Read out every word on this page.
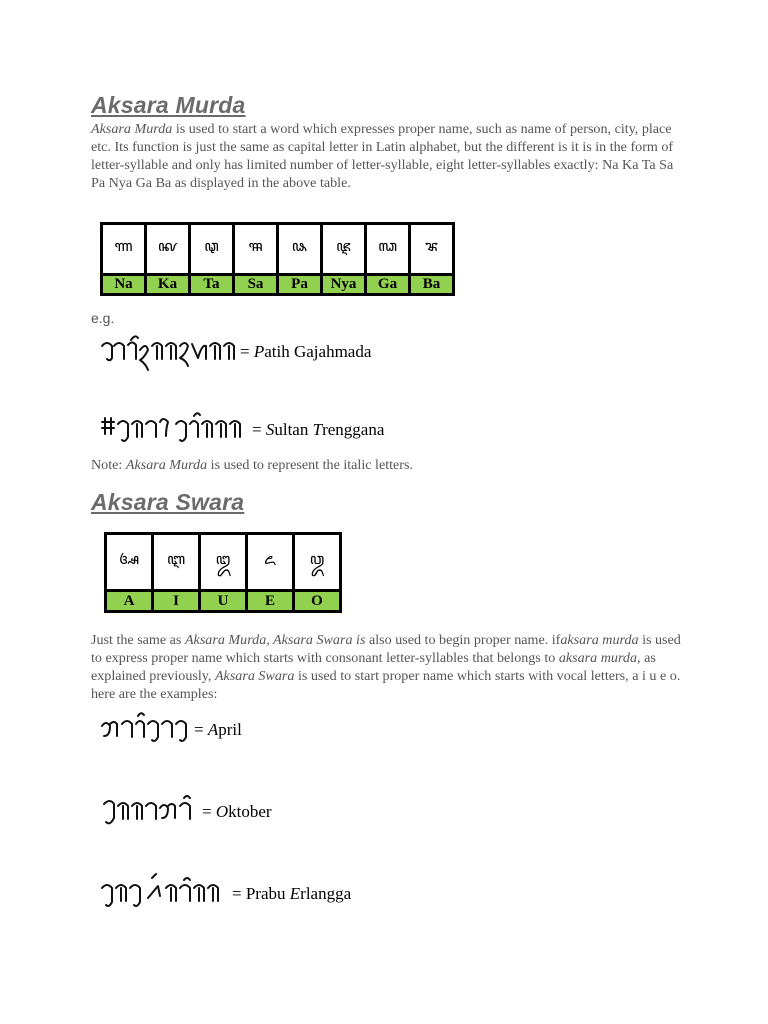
Aksara Murda

Aksara Murda is used to start a word which expresses proper name, such as name of person, city, place etc. Its function is just the same as capital letter in Latin alphabet, but the different is it is in the form of letter-syllable and only has limited number of letter-syllable, eight letter-syllables exactly: Na Ka Ta Sa Pa Nya Ga Ba as displayed in the above table.

ꦟ	ꦑ	ꦡ	ꦯ	ꦦ	ꦘ	ꦓ	ꦨ
Na	Ka	Ta	Sa	Pa	Nya	Ga	Ba
e.g.
= Patih Gajahmada
= Sultan Trenggana

Note: Aksara Murda is used to represent the italic letters.

Aksara Swara
ꦄ	ꦆ	ꦈ	ꦌ	ꦎ
A	I	U	E	O

Just the same as Aksara Murda, Aksara Swara is also used to begin proper name. ifaksara murda is used to express proper name which starts with consonant letter-syllables that belongs to aksara murda, as explained previously, Aksara Swara is used to start proper name which starts with vocal letters, a i u e o. here are the examples:

= April
= Oktober
= Prabu Erlangga
